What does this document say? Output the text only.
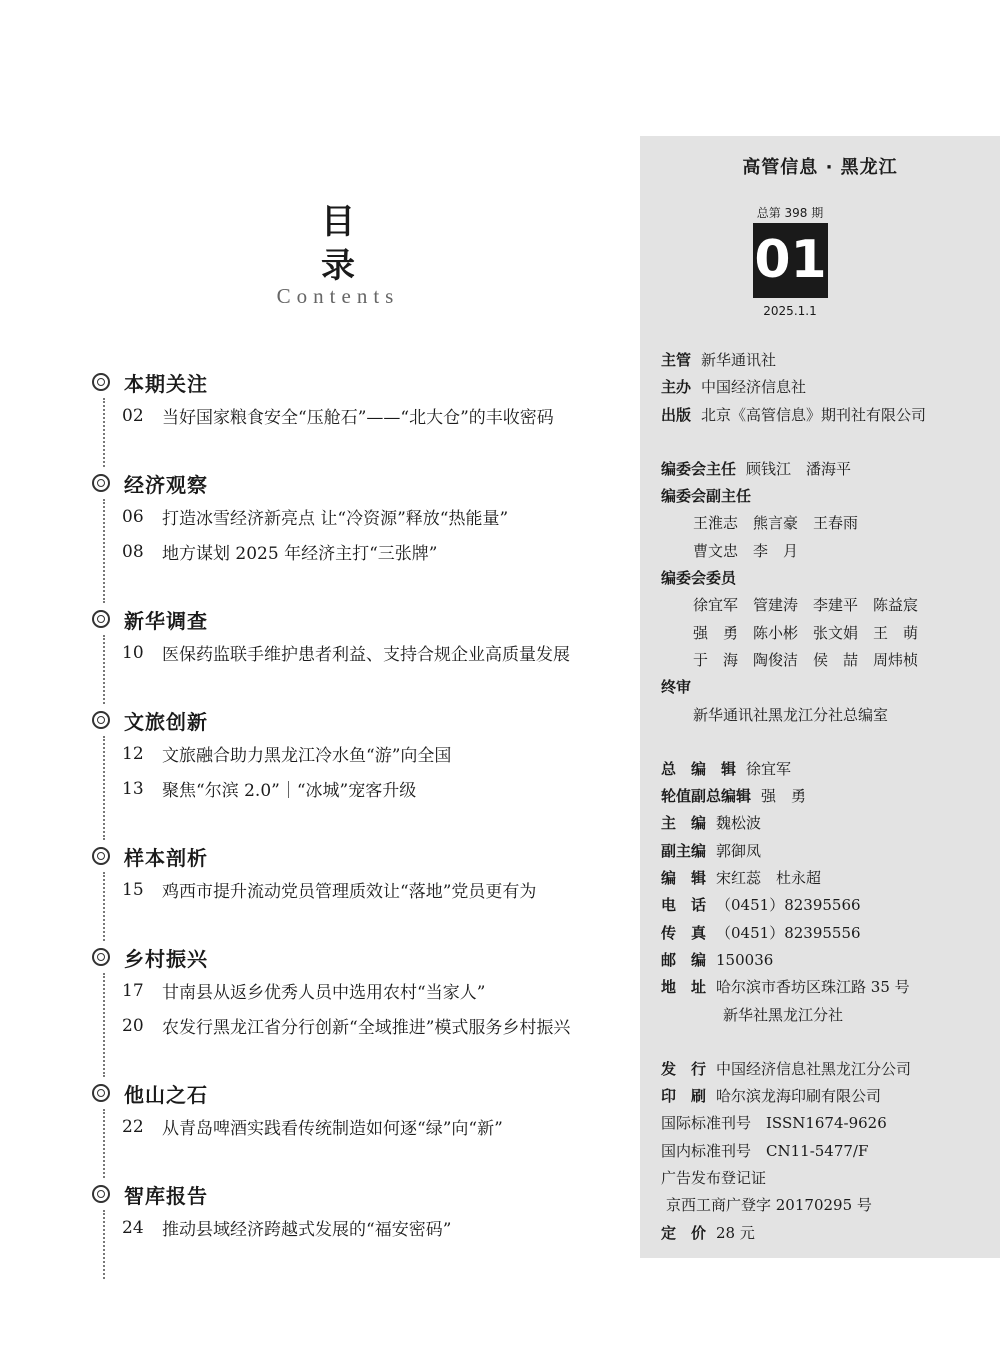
目 录
Contents
本期关注
02	当好国家粮食安全“压舱石”——“北大仓”的丰收密码
经济观察
06	打造冰雪经济新亮点 让“冷资源”释放“热能量”
08	地方谋划 2025 年经济主打“三张牌”
新华调查
10	医保药监联手维护患者利益、支持合规企业高质量发展
文旅创新
12	文旅融合助力黑龙江冷水鱼“游”向全国
13	聚焦“尔滨 2.0”｜“冰城”宠客升级
样本剖析
15	鸡西市提升流动党员管理质效让“落地”党员更有为
乡村振兴
17	甘南县从返乡优秀人员中选用农村“当家人”
20	农发行黑龙江省分行创新“全域推进”模式服务乡村振兴
他山之石
22	从青岛啤酒实践看传统制造如何逐“绿”向“新”
智库报告
24	推动县域经济跨越式发展的“福安密码”
高管信息 · 黑龙江
总第 398 期
01
2025.1.1
主管 新华通讯社
主办 中国经济信息社
出版 北京《高管信息》期刊社有限公司
编委会主任 顾钱江　潘海平
编委会副主任
王淮志　熊言豪　王春雨
曹文忠　李　月
编委会委员
徐宜军　管建涛　李建平　陈益宸
强　勇　陈小彬　张文娟　王　萌
于　海　陶俊洁　侯　喆　周炜桢
终审
新华通讯社黑龙江分社总编室
总　编　辑 徐宜军
轮值副总编辑 强　勇
主　编 魏松波
副主编 郭御凤
编　辑 宋红蕊　杜永超
电　话 （0451）82395566
传　真 （0451）82395556
邮　编 150036
地　址 哈尔滨市香坊区珠江路 35 号
新华社黑龙江分社
发　行 中国经济信息社黑龙江分公司
印　刷 哈尔滨龙海印刷有限公司
国际标准刊号　ISSN1674-9626
国内标准刊号　CN11-5477/F
广告发布登记证
京西工商广登字 20170295 号
定　价 28 元
